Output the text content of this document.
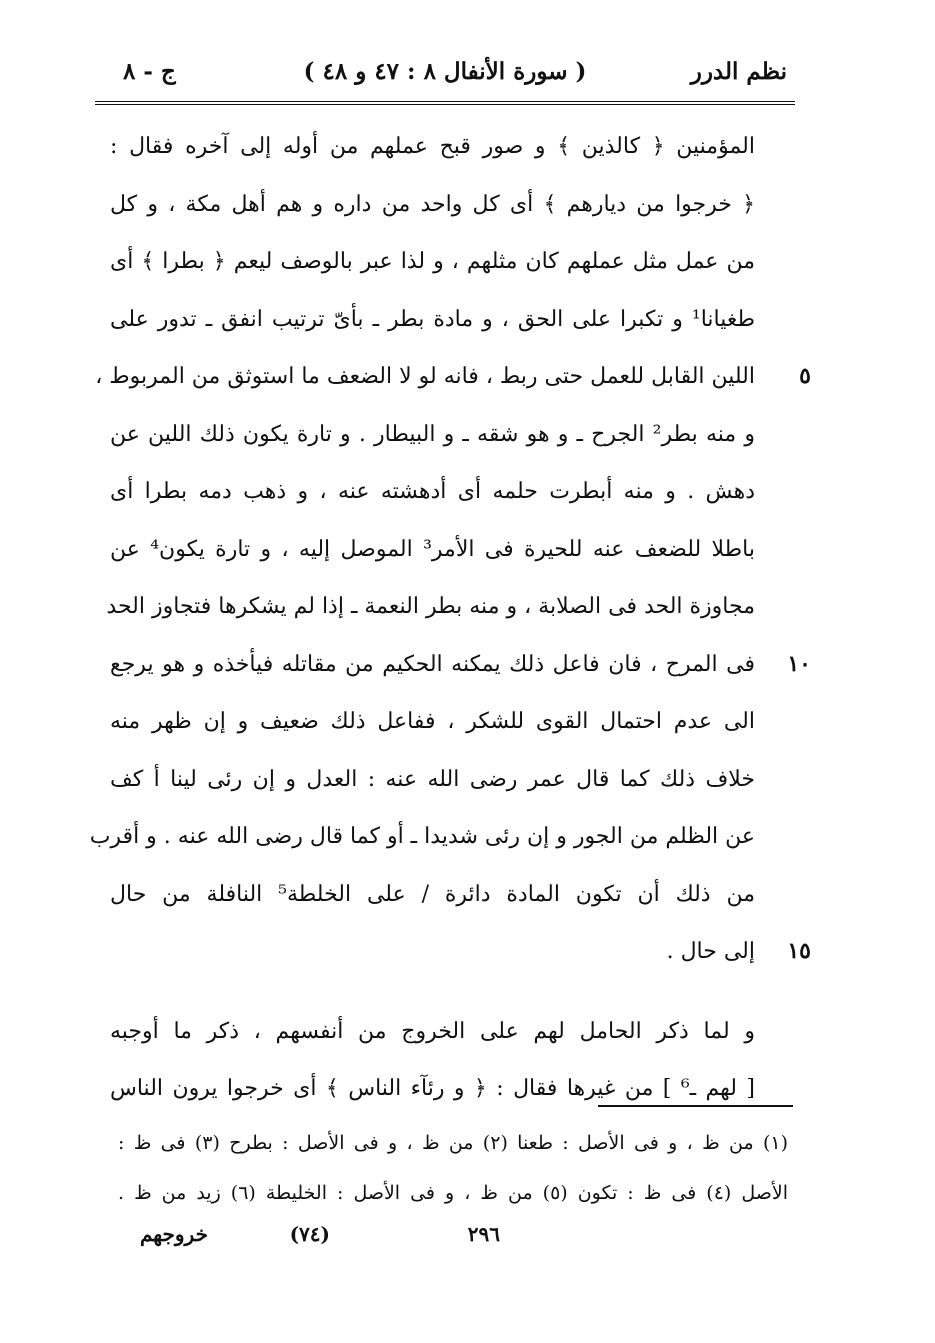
نظم الدرر
( سورة الأنفال ٨ : ٤٧ و ٤٨ )
ج - ٨
المؤمنين ﴿ كالذين ﴾ و صور قبح عملهم من أوله إلى آخره فقال :
﴿ خرجوا من ديارهم ﴾ أى كل واحد من داره و هم أهل مكة ، و كل
من عمل مثل عملهم كان مثلهم ، و لذا عبر بالوصف ليعم ﴿ بطرا ﴾ أى
طغيانا¹ و تكبرا على الحق ، و مادة بطر ـ بأىّ ترتيب انفق ـ تدور على
٥
اللين القابل للعمل حتى ربط ، فانه لو لا الضعف ما استوثق من المربوط ،
و منه بطر² الجرح ـ و هو شقه ـ و البيطار . و تارة يكون ذلك اللين عن
دهش . و منه أبطرت حلمه أى أدهشته عنه ، و ذهب دمه بطرا أى
باطلا للضعف عنه للحيرة فى الأمر³ الموصل إليه ، و تارة يكون⁴ عن
مجاوزة الحد فى الصلابة ، و منه بطر النعمة ـ إذا لم يشكرها فتجاوز الحد
١٠
فى المرح ، فان فاعل ذلك يمكنه الحكيم من مقاتله فيأخذه و هو يرجع
الى عدم احتمال القوى للشكر ، ففاعل ذلك ضعيف و إن ظهر منه
خلاف ذلك كما قال عمر رضى الله عنه : العدل و إن رئى لينا أ كف
عن الظلم من الجور و إن رئى شديدا ـ أو كما قال رضى الله عنه . و أقرب
من ذلك أن تكون المادة دائرة / على الخلطة⁵ النافلة من حال
١٥
إلى حال .
و لما ذكر الحامل لهم على الخروج من أنفسهم ، ذكر ما أوجبه
[ لهم ـ⁶ ] من غيرها فقال : ﴿ و رئآء الناس ﴾ أى خرجوا يرون الناس
(١) من ظ ، و فى الأصل : طعنا (٢) من ظ ، و فى الأصل : بطرح (٣) فى ظ :
الأصل (٤) فى ظ : تكون (٥) من ظ ، و فى الأصل : الخليطة (٦) زيد من ظ .
٢٩٦
(٧٤)
خروجهم
